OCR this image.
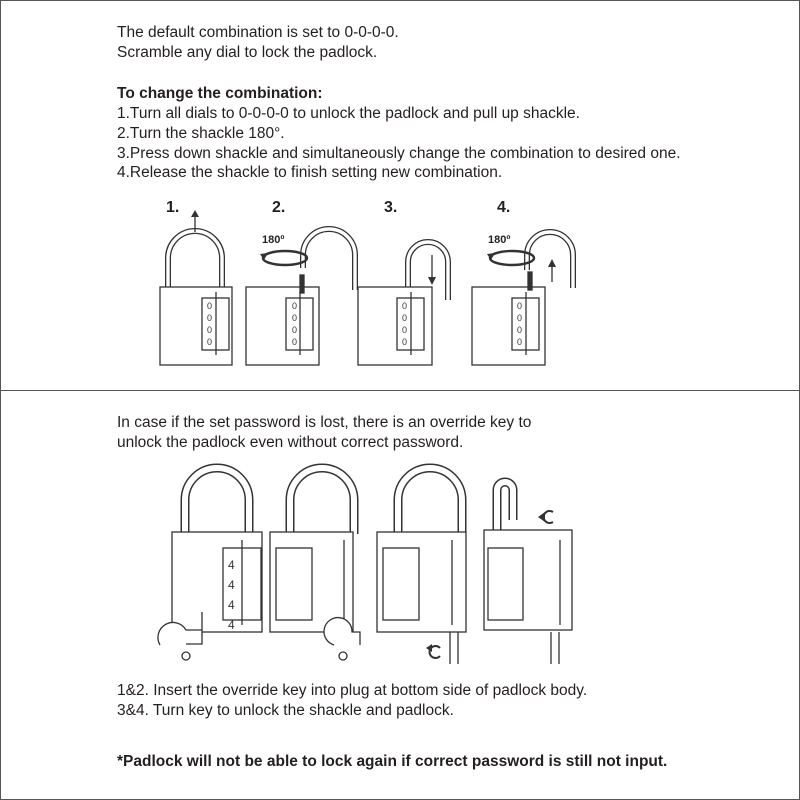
The default combination is set to 0-0-0-0.
Scramble any dial to lock the padlock.
To change the combination:
1.Turn all dials to 0-0-0-0 to unlock the padlock and pull up shackle.
2.Turn the shackle 180°.
3.Press down shackle and simultaneously change the combination to desired one.
4.Release the shackle to finish setting new combination.
1.	2.	3.	4.
180º	180º
0
0
0
0
0
0
0
0
0
0
0
0
0
0
0
0
4
4
4
4
In case if the set password is lost, there is an override key to
unlock the padlock even without correct password.
1&2. Insert the override key into plug at bottom side of padlock body.
3&4. Turn key to unlock the shackle and padlock.
*Padlock will not be able to lock again if correct password is still not input.
